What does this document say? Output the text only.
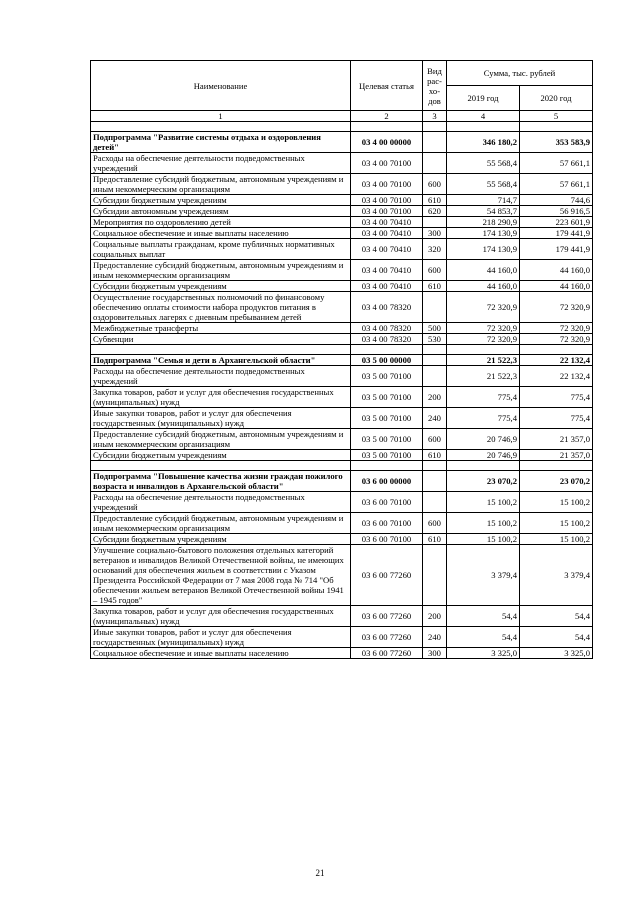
Наименование	Целевая статья	Вид рас-хо-дов	Сумма, тыс. рублей	
			2019 год	2020 год
1	2	3	4	5

Подпрограмма "Развитие системы отдыха и оздоровления детей"	03 4 00 00000		346 180,2	353 583,9
Расходы на обеспечение деятельности подведомственных учреждений	03 4 00 70100		55 568,4	57 661,1
Предоставление субсидий бюджетным, автономным учреждениям и иным некоммерческим организациям	03 4 00 70100	600	55 568,4	57 661,1
Субсидии бюджетным учреждениям	03 4 00 70100	610	714,7	744,6
Субсидии автономным учреждениям	03 4 00 70100	620	54 853,7	56 916,5
Мероприятия по оздоровлению детей	03 4 00 70410		218 290,9	223 601,9
Социальное обеспечение и иные выплаты населению	03 4 00 70410	300	174 130,9	179 441,9
Социальные выплаты гражданам, кроме публичных нормативных социальных выплат	03 4 00 70410	320	174 130,9	179 441,9
Предоставление субсидий бюджетным, автономным учреждениям и иным некоммерческим организациям	03 4 00 70410	600	44 160,0	44 160,0
Субсидии бюджетным учреждениям	03 4 00 70410	610	44 160,0	44 160,0
Осуществление государственных полномочий по финансовому обеспечению оплаты стоимости набора продуктов питания в оздоровительных лагерях с дневным пребыванием детей	03 4 00 78320		72 320,9	72 320,9
Межбюджетные трансферты	03 4 00 78320	500	72 320,9	72 320,9
Субвенции	03 4 00 78320	530	72 320,9	72 320,9

Подпрограмма "Семья и дети в Архангельской области"	03 5 00 00000		21 522,3	22 132,4
Расходы на обеспечение деятельности подведомственных учреждений	03 5 00 70100		21 522,3	22 132,4
Закупка товаров, работ и услуг для обеспечения государственных (муниципальных) нужд	03 5 00 70100	200	775,4	775,4
Иные закупки товаров, работ и услуг для обеспечения государственных (муниципальных) нужд	03 5 00 70100	240	775,4	775,4
Предоставление субсидий бюджетным, автономным учреждениям и иным некоммерческим организациям	03 5 00 70100	600	20 746,9	21 357,0
Субсидии бюджетным учреждениям	03 5 00 70100	610	20 746,9	21 357,0

Подпрограмма "Повышение качества жизни граждан пожилого возраста и инвалидов в Архангельской области"	03 6 00 00000		23 070,2	23 070,2
Расходы на обеспечение деятельности подведомственных учреждений	03 6 00 70100		15 100,2	15 100,2
Предоставление субсидий бюджетным, автономным учреждениям и иным некоммерческим организациям	03 6 00 70100	600	15 100,2	15 100,2
Субсидии бюджетным учреждениям	03 6 00 70100	610	15 100,2	15 100,2
Улучшение социально-бытового положения отдельных категорий ветеранов и инвалидов Великой Отечественной войны, не имеющих оснований для обеспечения жильем в соответствии с Указом Президента Российской Федерации от 7 мая 2008 года № 714 "Об обеспечении жильем ветеранов Великой Отечественной войны 1941 – 1945 годов"	03 6 00 77260		3 379,4	3 379,4
Закупка товаров, работ и услуг для обеспечения государственных (муниципальных) нужд	03 6 00 77260	200	54,4	54,4
Иные закупки товаров, работ и услуг для обеспечения государственных (муниципальных) нужд	03 6 00 77260	240	54,4	54,4
Социальное обеспечение и иные выплаты населению	03 6 00 77260	300	3 325,0	3 325,0
21
